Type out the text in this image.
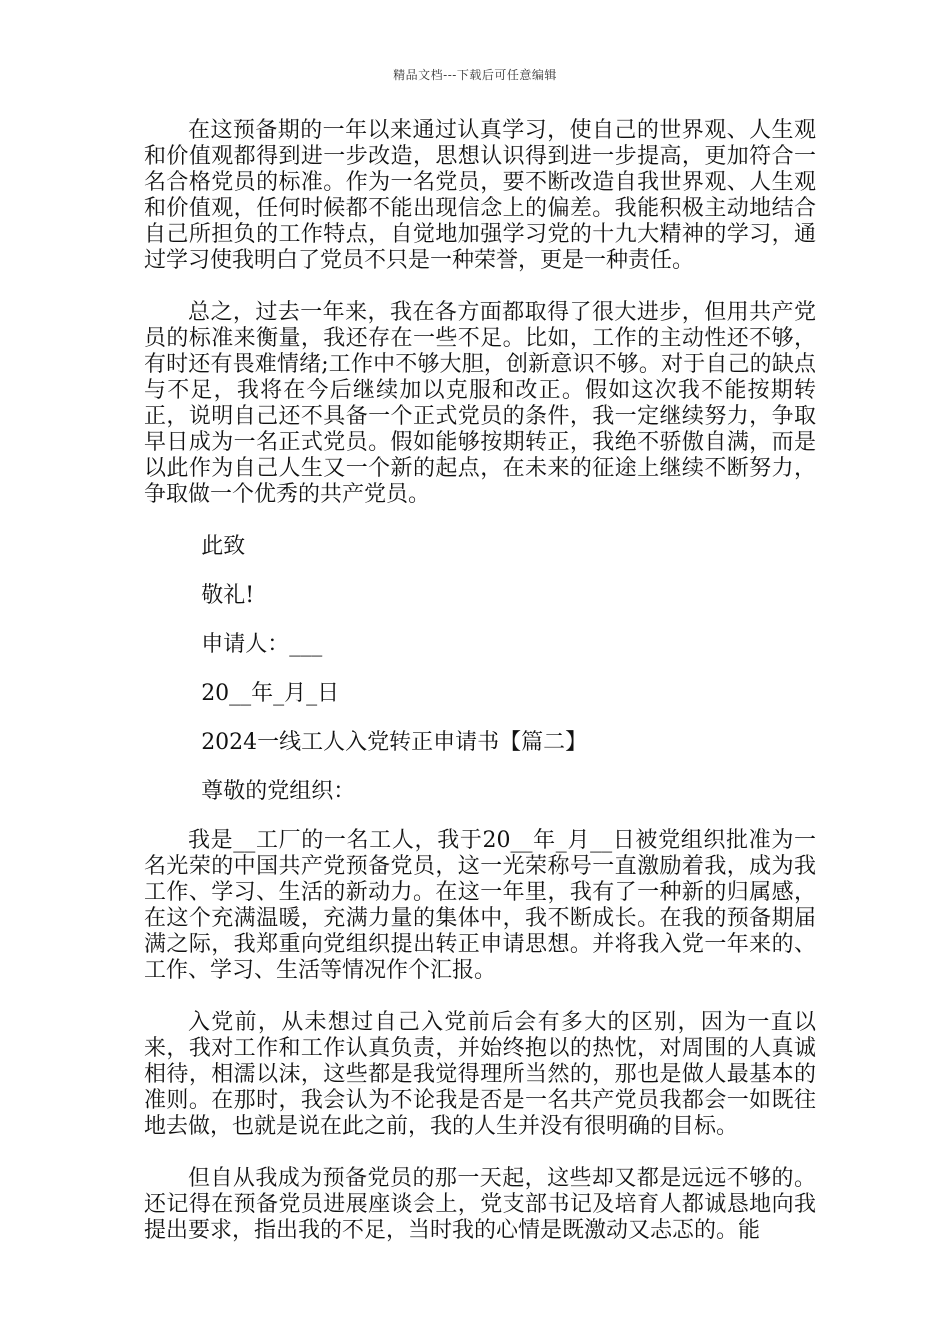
精品文档---下载后可任意编辑

在这预备期的一年以来通过认真学习，使自己的世界观、人生观和价值观都得到进一步改造，思想认识得到进一步提高，更加符合一名合格党员的标准。作为一名党员，要不断改造自我世界观、人生观和价值观，任何时候都不能出现信念上的偏差。我能积极主动地结合自己所担负的工作特点，自觉地加强学习党的十九大精神的学习，通过学习使我明白了党员不只是一种荣誉，更是一种责任。

总之，过去一年来，我在各方面都取得了很大进步，但用共产党员的标准来衡量，我还存在一些不足。比如，工作的主动性还不够，有时还有畏难情绪;工作中不够大胆，创新意识不够。对于自己的缺点与不足，我将在今后继续加以克服和改正。假如这次我不能按期转正，说明自己还不具备一个正式党员的条件，我一定继续努力，争取早日成为一名正式党员。假如能够按期转正，我绝不骄傲自满，而是以此作为自己人生又一个新的起点，在未来的征途上继续不断努力，争取做一个优秀的共产党员。

此致

敬礼!

申请人：___

20__年_月_日

2024一线工人入党转正申请书【篇二】

尊敬的党组织：

我是__工厂的一名工人，我于20__年_月__日被党组织批准为一名光荣的中国共产党预备党员，这一光荣称号一直激励着我，成为我工作、学习、生活的新动力。在这一年里，我有了一种新的归属感，在这个充满温暖，充满力量的集体中，我不断成长。在我的预备期届满之际，我郑重向党组织提出转正申请思想。并将我入党一年来的、工作、学习、生活等情况作个汇报。

入党前，从未想过自己入党前后会有多大的区别，因为一直以来，我对工作和工作认真负责，并始终抱以的热忱，对周围的人真诚相待，相濡以沫，这些都是我觉得理所当然的，那也是做人最基本的准则。在那时，我会认为不论我是否是一名共产党员我都会一如既往地去做，也就是说在此之前，我的人生并没有很明确的目标。

但自从我成为预备党员的那一天起，这些却又都是远远不够的。还记得在预备党员进展座谈会上，党支部书记及培育人都诚恳地向我提出要求，指出我的不足，当时我的心情是既激动又忐忑的。能
